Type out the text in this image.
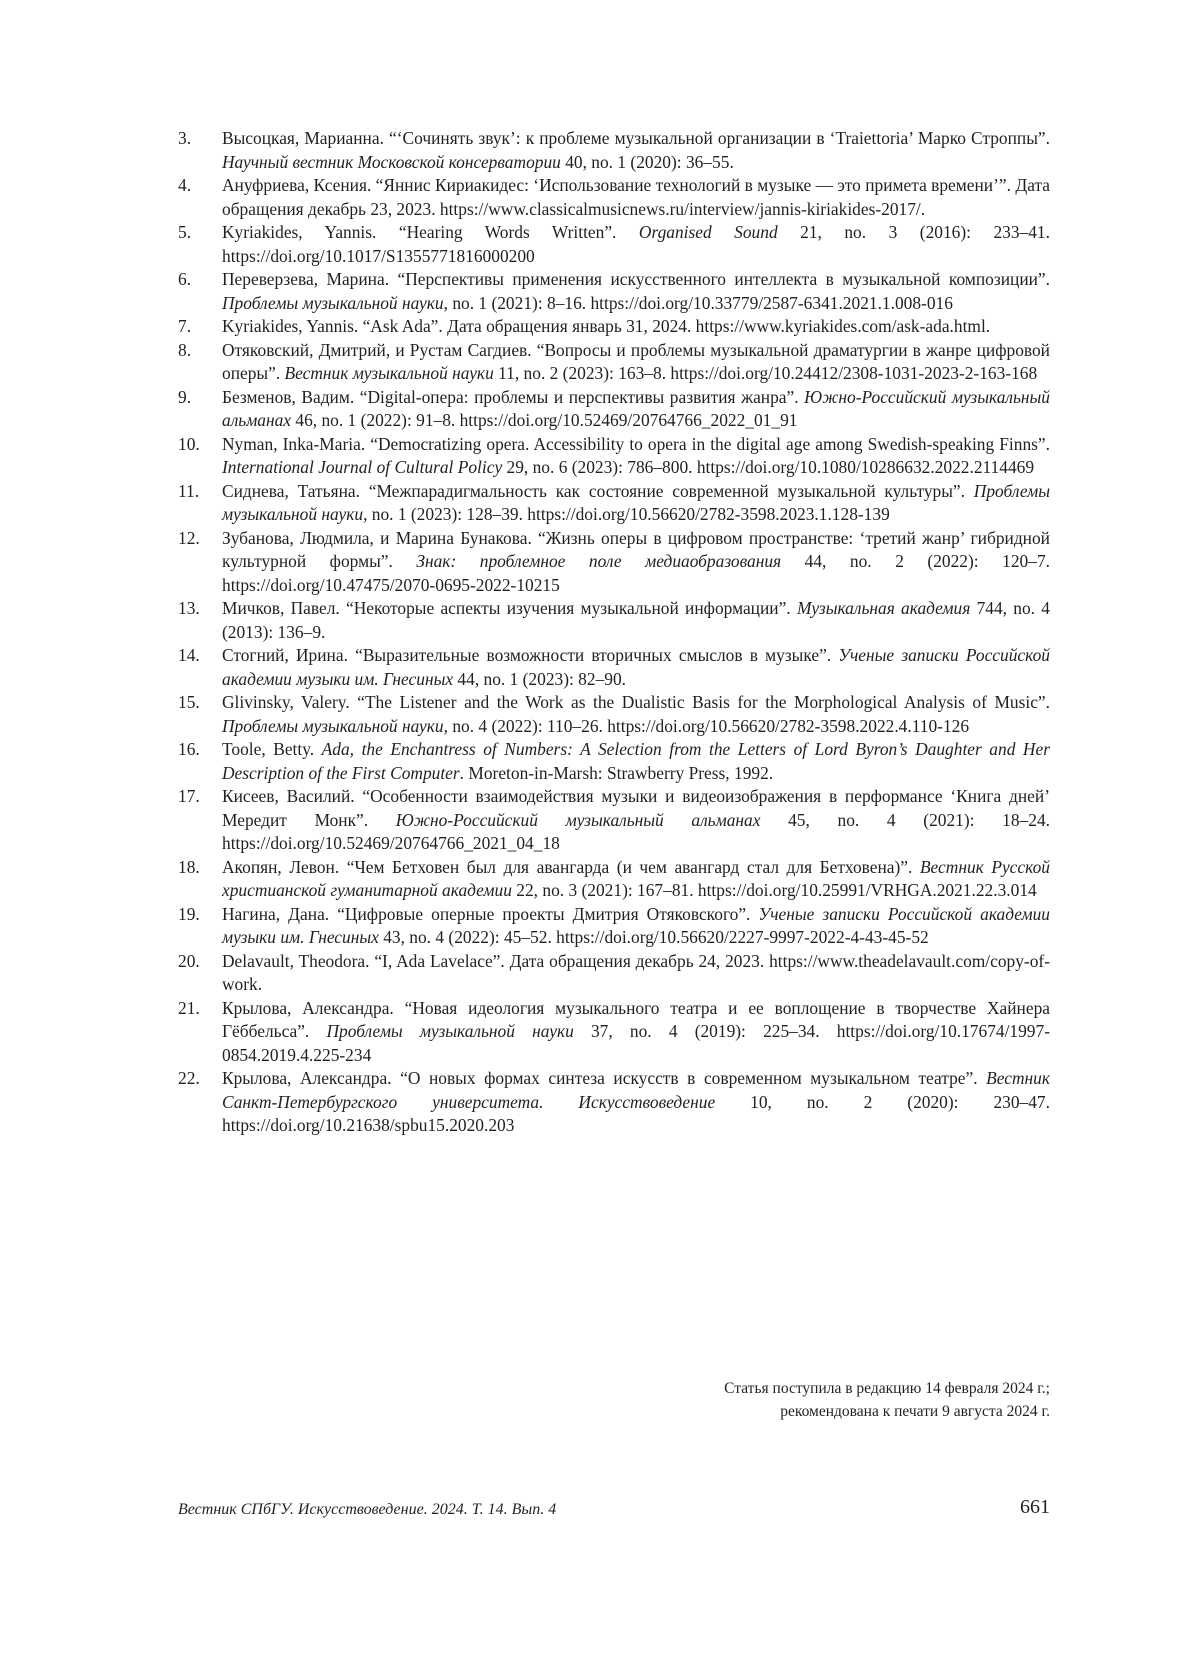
3.	Высоцкая, Марианна. “‘Сочинять звук’: к проблеме музыкальной организации в ‘Traiettoria’ Марко Строппы”. Научный вестник Московской консерватории 40, no. 1 (2020): 36–55.
4.	Ануфриева, Ксения. “Яннис Кириакидес: ‘Использование технологий в музыке — это примета времени’”. Дата обращения декабрь 23, 2023. https://www.classicalmusicnews.ru/interview/jannis-kiriakides-2017/.
5.	Kyriakides, Yannis. “Hearing Words Written”. Organised Sound 21, no. 3 (2016): 233–41. https://doi.org/10.1017/S1355771816000200
6.	Переверзева, Марина. “Перспективы применения искусственного интеллекта в музыкальной композиции”. Проблемы музыкальной науки, no. 1 (2021): 8–16. https://doi.org/10.33779/2587-6341.2021.1.008-016
7.	Kyriakides, Yannis. “Ask Ada”. Дата обращения январь 31, 2024. https://www.kyriakides.com/ask-ada.html.
8.	Отяковский, Дмитрий, и Рустам Сагдиев. “Вопросы и проблемы музыкальной драматургии в жанре цифровой оперы”. Вестник музыкальной науки 11, no. 2 (2023): 163–8. https://doi.org/10.24412/2308-1031-2023-2-163-168
9.	Безменов, Вадим. “Digital-опера: проблемы и перспективы развития жанра”. Южно-Российский музыкальный альманах 46, no. 1 (2022): 91–8. https://doi.org/10.52469/20764766_2022_01_91
10.	Nyman, Inka-Maria. “Democratizing opera. Accessibility to opera in the digital age among Swedish-speaking Finns”. International Journal of Cultural Policy 29, no. 6 (2023): 786–800. https://doi.org/10.1080/10286632.2022.2114469
11.	Сиднева, Татьяна. “Межпарадигмальность как состояние современной музыкальной культуры”. Проблемы музыкальной науки, no. 1 (2023): 128–39. https://doi.org/10.56620/2782-3598.2023.1.128-139
12.	Зубанова, Людмила, и Марина Бунакова. “Жизнь оперы в цифровом пространстве: ‘третий жанр’ гибридной культурной формы”. Знак: проблемное поле медиаобразования 44, no. 2 (2022): 120–7. https://doi.org/10.47475/2070-0695-2022-10215
13.	Мичков, Павел. “Некоторые аспекты изучения музыкальной информации”. Музыкальная академия 744, no. 4 (2013): 136–9.
14.	Стогний, Ирина. “Выразительные возможности вторичных смыслов в музыке”. Ученые записки Российской академии музыки им. Гнесиных 44, no. 1 (2023): 82–90.
15.	Glivinsky, Valery. “The Listener and the Work as the Dualistic Basis for the Morphological Analysis of Music”. Проблемы музыкальной науки, no. 4 (2022): 110–26. https://doi.org/10.56620/2782-3598.2022.4.110-126
16.	Toole, Betty. Ada, the Enchantress of Numbers: A Selection from the Letters of Lord Byron’s Daughter and Her Description of the First Computer. Moreton-in-Marsh: Strawberry Press, 1992.
17.	Кисеев, Василий. “Особенности взаимодействия музыки и видеоизображения в перформансе ‘Книга дней’ Мередит Монк”. Южно-Российский музыкальный альманах 45, no. 4 (2021): 18–24. https://doi.org/10.52469/20764766_2021_04_18
18.	Акопян, Левон. “Чем Бетховен был для авангарда (и чем авангард стал для Бетховена)”. Вестник Русской христианской гуманитарной академии 22, no. 3 (2021): 167–81. https://doi.org/10.25991/VRHGA.2021.22.3.014
19.	Нагина, Дана. “Цифровые оперные проекты Дмитрия Отяковского”. Ученые записки Российской академии музыки им. Гнесиных 43, no. 4 (2022): 45–52. https://doi.org/10.56620/2227-9997-2022-4-43-45-52
20.	Delavault, Theodora. “I, Ada Lavelace”. Дата обращения декабрь 24, 2023. https://www.theadelavault.com/copy-of-work.
21.	Крылова, Александра. “Новая идеология музыкального театра и ее воплощение в творчестве Хайнера Гёббельса”. Проблемы музыкальной науки 37, no. 4 (2019): 225–34. https://doi.org/10.17674/1997-0854.2019.4.225-234
22.	Крылова, Александра. “О новых формах синтеза искусств в современном музыкальном театре”. Вестник Санкт-Петербургского университета. Искусствоведение 10, no. 2 (2020): 230–47. https://doi.org/10.21638/spbu15.2020.203
Статья поступила в редакцию 14 февраля 2024 г.;
рекомендована к печати 9 августа 2024 г.
Вестник СПбГУ. Искусствоведение. 2024. Т. 14. Вып. 4	661
